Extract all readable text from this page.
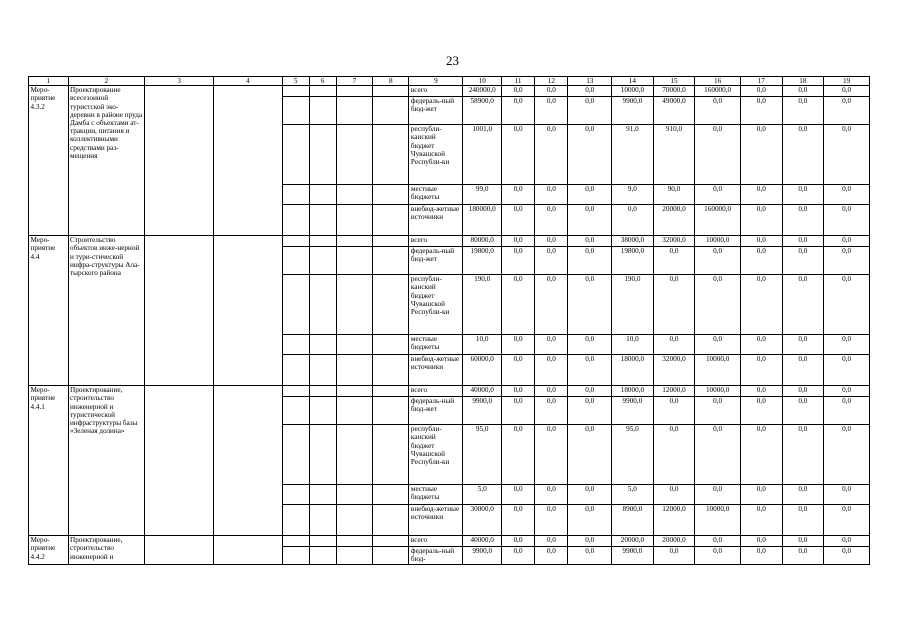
23
1	2	3	4	5	6	7	8	9	10	11	12	13	14	15	16	17	18	19
Меро-приятие 4.3.2	Проектирование всесезонной туристской эко-деревни в районе пруда Дамба с объектами ат-тракции, питания и коллективными средствами раз-мещения							всего	240000,0	0,0	0,0	0,0	10000,0	70000,0	160000,0	0,0	0,0	0,0
								федераль-ный бюд-жет	58900,0	0,0	0,0	0,0	9900,0	49000,0	0,0	0,0	0,0	0,0
								республи-канский бюджет Чувашской Республи-ки	1001,0	0,0	0,0	0,0	91,0	910,0	0,0	0,0	0,0	0,0
								местные бюджеты	99,0	0,0	0,0	0,0	9,0	90,0	0,0	0,0	0,0	0,0
								внебюд-жетные источники	180000,0	0,0	0,0	0,0	0,0	20000,0	160000,0	0,0	0,0	0,0
Меро-приятие 4.4	Строительство объектов инже-нерной и тури-стической инфра-структуры Ала-тырского района							всего	80000,0	0,0	0,0	0,0	38000,0	32000,0	10000,0	0,0	0,0	0,0
								федераль-ный бюд-жет	19800,0	0,0	0,0	0,0	19800,0	0,0	0,0	0,0	0,0	0,0
								республи-канский бюджет Чувашской Республи-ки	190,0	0,0	0,0	0,0	190,0	0,0	0,0	0,0	0,0	0,0
								местные бюджеты	10,0	0,0	0,0	0,0	10,0	0,0	0,0	0,0	0,0	0,0
								внебюд-жетные источники	60000,0	0,0	0,0	0,0	18000,0	32000,0	10000,0	0,0	0,0	0,0
Меро-приятие 4.4.1	Проектирование, строительство инженерной и туристической инфраструктуры базы «Зеленая долина»							всего	40000,0	0,0	0,0	0,0	18000,0	12000,0	10000,0	0,0	0,0	0,0
								федераль-ный бюд-жет	9900,0	0,0	0,0	0,0	9900,0	0,0	0,0	0,0	0,0	0,0
								республи-канский бюджет Чувашской Республи-ки	95,0	0,0	0,0	0,0	95,0	0,0	0,0	0,0	0,0	0,0
								местные бюджеты	5,0	0,0	0,0	0,0	5,0	0,0	0,0	0,0	0,0	0,0
								внебюд-жетные источники	30000,0	0,0	0,0	0,0	8900,0	12000,0	10000,0	0,0	0,0	0,0
Меро-приятие 4.4.2	Проектирование, строительство инженерной и							всего	40000,0	0,0	0,0	0,0	20000,0	20000,0	0,0	0,0	0,0	0,0
								федераль-ный бюд-	9900,0	0,0	0,0	0,0	9900,0	0,0	0,0	0,0	0,0	0,0
